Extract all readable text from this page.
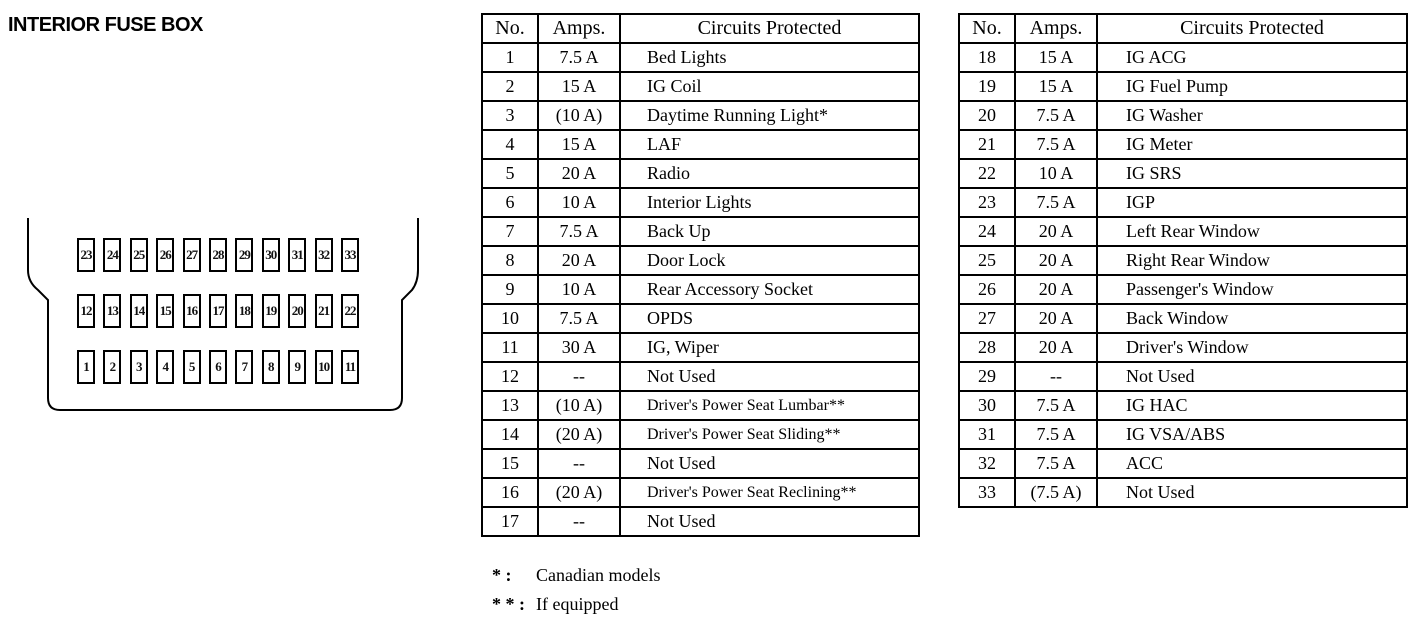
INTERIOR FUSE BOX
23 24 25 26 27 28 29 30 31 32 33
12 13 14 15 16 17 18 19 20 21 22
1	2	3	4	5	6	7	8	9	10 11
No.	Amps.	Circuits Protected
1	7.5 A	Bed Lights
2	15 A	IG Coil
3	(10 A)	Daytime Running Light*
4	15 A	LAF
5	20 A	Radio
6	10 A	Interior Lights
7	7.5 A	Back Up
8	20 A	Door Lock
9	10 A	Rear Accessory Socket
10	7.5 A	OPDS
11	30 A	IG, Wiper
12	--	Not Used
13	(10 A)	Driver's Power Seat Lumbar**
14	(20 A)	Driver's Power Seat Sliding**
15	--	Not Used
16	(20 A)	Driver's Power Seat Reclining**
17	--	Not Used
No.	Amps.	Circuits Protected
18	15 A	IG ACG
19	15 A	IG Fuel Pump
20	7.5 A	IG Washer
21	7.5 A	IG Meter
22	10 A	IG SRS
23	7.5 A	IGP
24	20 A	Left Rear Window
25	20 A	Right Rear Window
26	20 A	Passenger's Window
27	20 A	Back Window
28	20 A	Driver's Window
29	--	Not Used
30	7.5 A	IG HAC
31	7.5 A	IG VSA/ABS
32	7.5 A	ACC
33	(7.5 A)	Not Used
* : Canadian models
* * : If equipped
